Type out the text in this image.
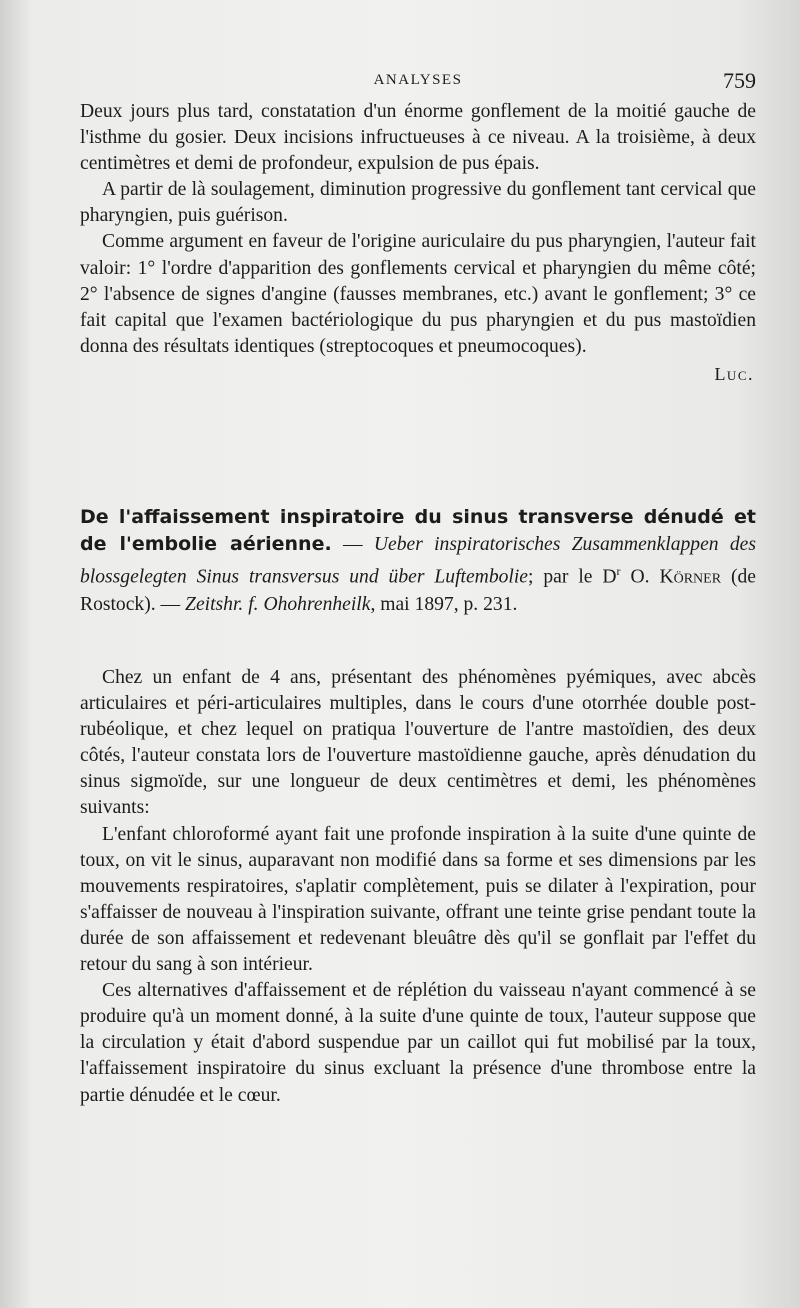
ANALYSES	759

Deux jours plus tard, constatation d'un énorme gonflement de la moitié gauche de l'isthme du gosier. Deux incisions infructueuses à ce niveau. A la troisième, à deux centimètres et demi de profondeur, expulsion de pus épais.

A partir de là soulagement, diminution progressive du gonflement tant cervical que pharyngien, puis guérison.

Comme argument en faveur de l'origine auriculaire du pus pharyngien, l'auteur fait valoir: 1° l'ordre d'apparition des gonflements cervical et pharyngien du même côté; 2° l'absence de signes d'angine (fausses membranes, etc.) avant le gonflement; 3° ce fait capital que l'examen bactériologique du pus pharyngien et du pus mastoïdien donna des résultats identiques (streptocoques et pneumocoques).

Luc.
De l'affaissement inspiratoire du sinus transverse dénudé et de l'embolie aérienne. — Ueber inspiratorisches Zusammenklappen des blossgelegten Sinus transversus und über Luftembolie; par le $D^r$ O. Körner (de Rostock). — Zeitshr. f. Ohohrenheilk, mai 1897, p. 231.

Chez un enfant de 4 ans, présentant des phénomènes pyémiques, avec abcès articulaires et péri-articulaires multiples, dans le cours d'une otorrhée double post-rubéolique, et chez lequel on pratiqua l'ouverture de l'antre mastoïdien, des deux côtés, l'auteur constata lors de l'ouverture mastoïdienne gauche, après dénudation du sinus sigmoïde, sur une longueur de deux centimètres et demi, les phénomènes suivants:

L'enfant chloroformé ayant fait une profonde inspiration à la suite d'une quinte de toux, on vit le sinus, auparavant non modifié dans sa forme et ses dimensions par les mouvements respiratoires, s'aplatir complètement, puis se dilater à l'expiration, pour s'affaisser de nouveau à l'inspiration suivante, offrant une teinte grise pendant toute la durée de son affaissement et redevenant bleuâtre dès qu'il se gonflait par l'effet du retour du sang à son intérieur.

Ces alternatives d'affaissement et de réplétion du vaisseau n'ayant commencé à se produire qu'à un moment donné, à la suite d'une quinte de toux, l'auteur suppose que la circulation y était d'abord suspendue par un caillot qui fut mobilisé par la toux, l'affaissement inspiratoire du sinus excluant la présence d'une thrombose entre la partie dénudée et le cœur.
